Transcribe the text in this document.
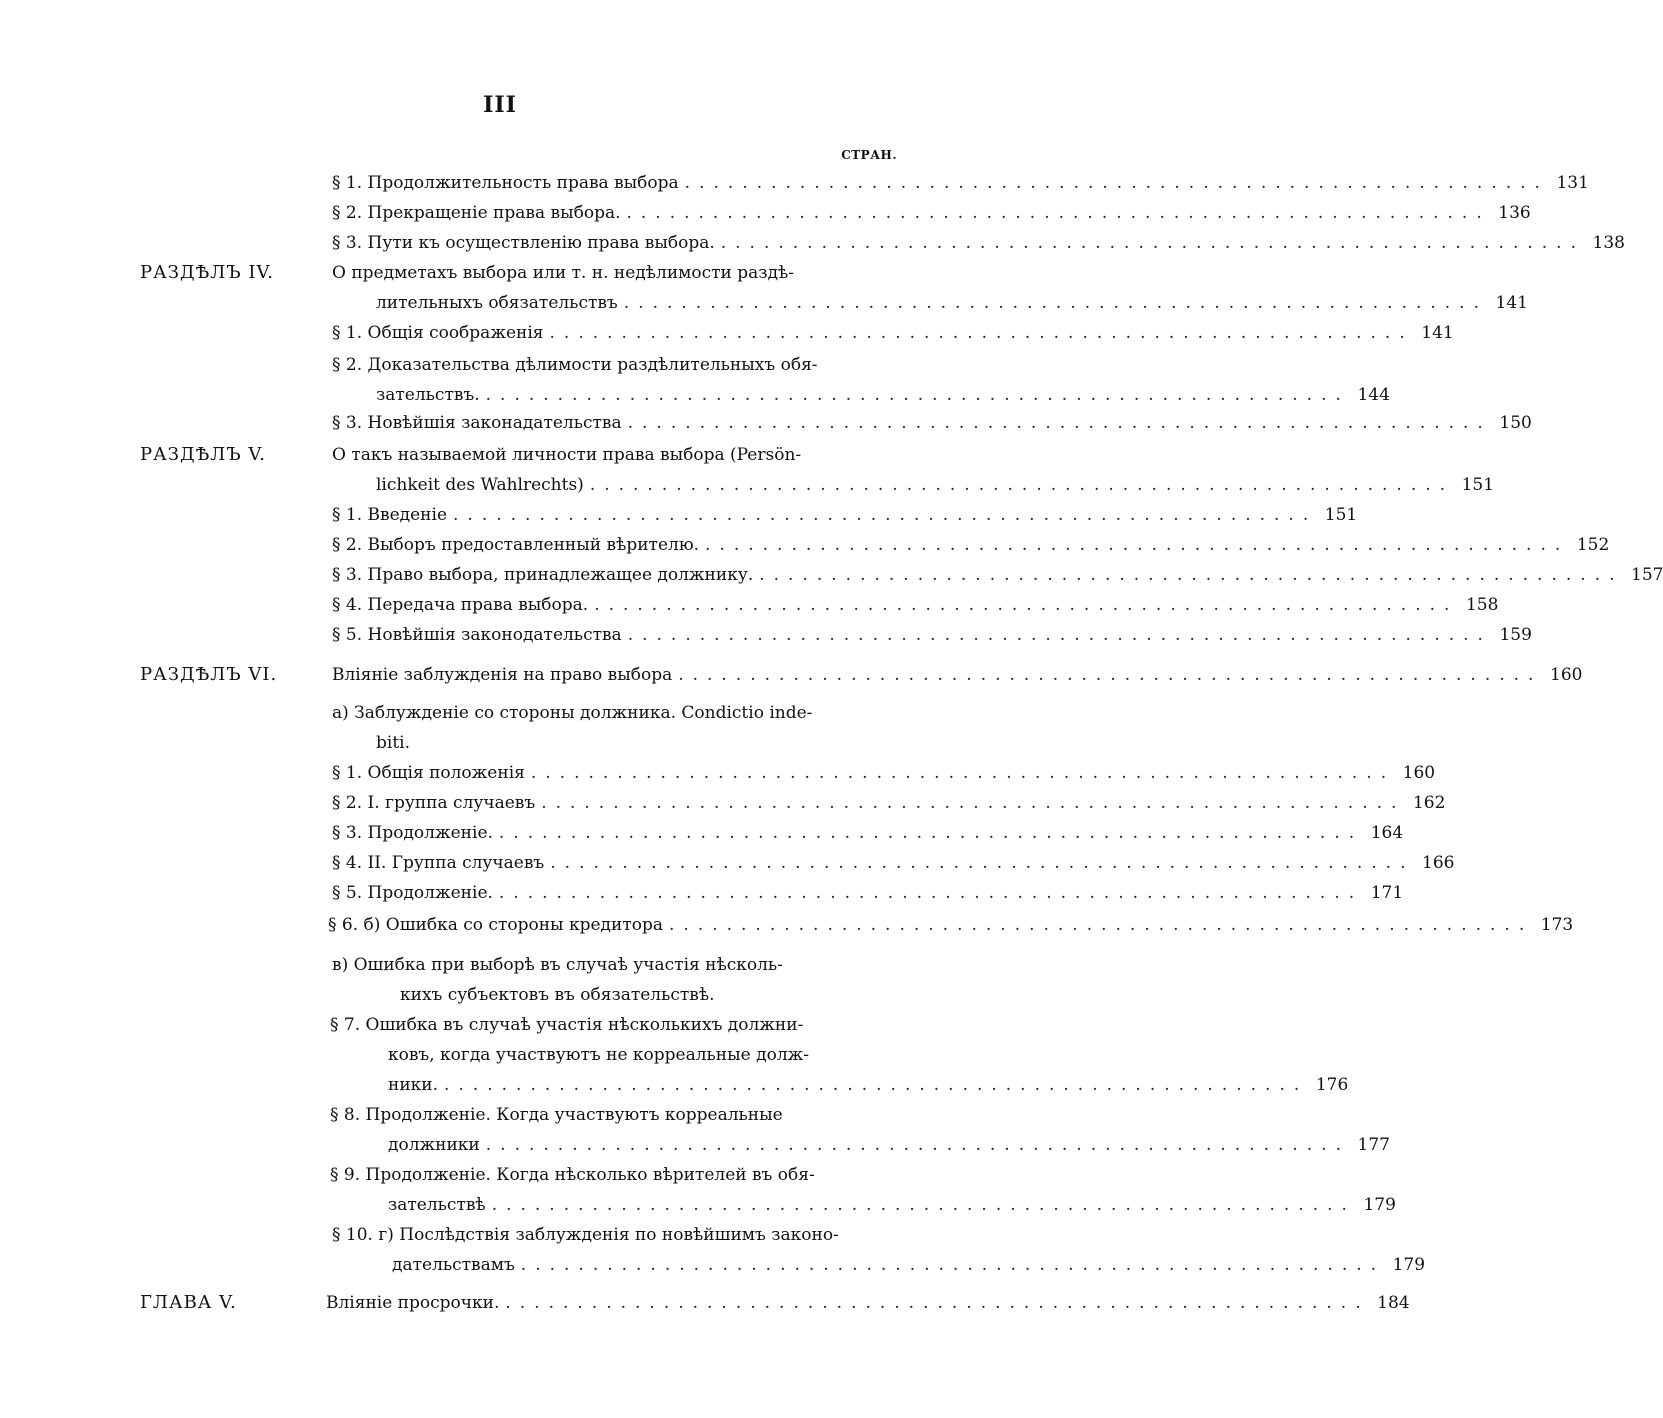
III
СТРАН.
§ 1. Продолжительность права выбора ............................................................ 131
§ 2. Прекращеніе права выбора. ............................................................ 136
§ 3. Пути къ осуществленію права выбора. ............................................................ 138
РАЗДѢЛЪ IV.	О предметахъ выбора или т. н. недѣлимости раздѣ-
лительныхъ обязательствъ ............................................................ 141
§ 1. Общія соображенія ............................................................ 141
§ 2. Доказательства дѣлимости раздѣлительныхъ обя-
зательствъ. ............................................................ 144
§ 3. Новѣйшія законадательства ............................................................ 150
РАЗДѢЛЪ V.	О такъ называемой личности права выбора (Persön-
lichkeit des Wahlrechts) ............................................................ 151
§ 1. Введеніе ............................................................ 151
§ 2. Выборъ предоставленный вѣрителю. ............................................................ 152
§ 3. Право выбора, принадлежащее должнику. ............................................................ 157
§ 4. Передача права выбора. ............................................................ 158
§ 5. Новѣйшія законодательства ............................................................ 159
РАЗДѢЛЪ VI.	Вліяніе заблужденія на право выбора ............................................................ 160
а) Заблужденіе со стороны должника. Condictio inde-
biti.
§ 1. Общія положенія ............................................................ 160
§ 2. I. группа случаевъ ............................................................ 162
§ 3. Продолженіе. ............................................................ 164
§ 4. II. Группа случаевъ ............................................................ 166
§ 5. Продолженіе. ............................................................ 171
§ 6. б) Ошибка со стороны кредитора ............................................................ 173
в) Ошибка при выборѣ въ случаѣ участія нѣсколь-
кихъ субъектовъ въ обязательствѣ.
§ 7. Ошибка въ случаѣ участія нѣсколькихъ должни-
ковъ, когда участвуютъ не корреальные долж-
ники. ............................................................ 176
§ 8. Продолженіе. Когда участвуютъ корреальные
должники ............................................................ 177
§ 9. Продолженіе. Когда нѣсколько вѣрителей въ обя-
зательствѣ ............................................................ 179
§ 10. г) Послѣдствія заблужденія по новѣйшимъ законо-
дательствамъ ............................................................ 179
ГЛАВА V.	Вліяніе просрочки. ............................................................ 184
